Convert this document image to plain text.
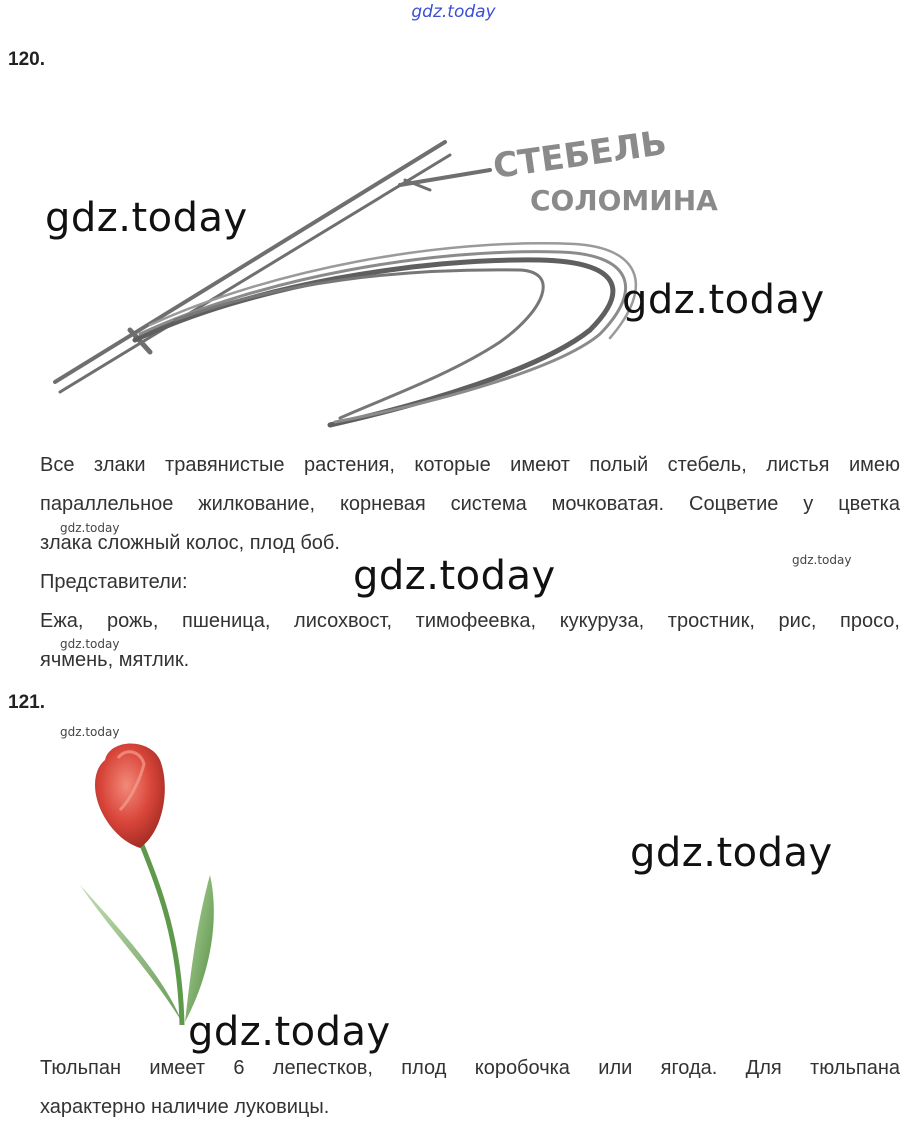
gdz.today
120.
СТЕБЕЛЬ
СОЛОМИНА
gdz.today
gdz.today
Все злаки травянистые растения, которые имеют полый стебель, листья имею
параллельное жилкование, корневая система мочковатая. Соцветие у цветка
злака сложный колос, плод боб.
Представители:
Ежа, рожь, пшеница, лисохвост, тимофеевка, кукуруза, тростник, рис, просо,
ячмень, мятлик.
gdz.today
gdz.today
gdz.today
gdz.today
121.
gdz.today
gdz.today
gdz.today
Тюльпан имеет 6 лепестков, плод коробочка или ягода. Для тюльпана
характерно наличие луковицы.
